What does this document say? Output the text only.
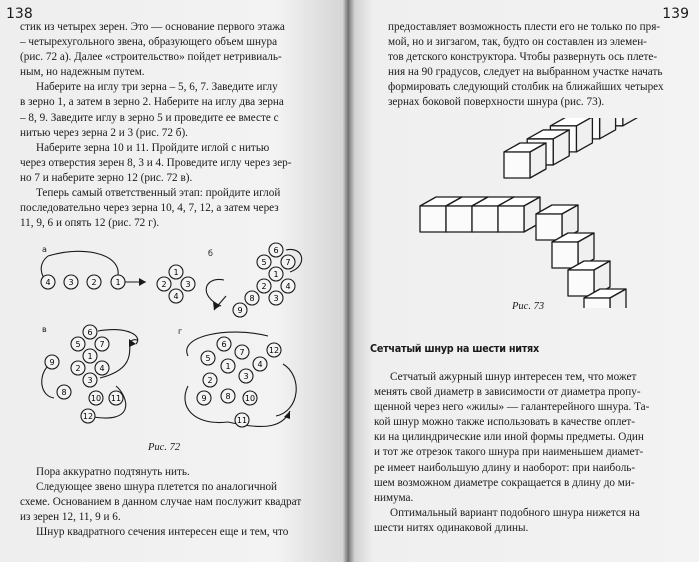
138
стик из четырех зерен. Это — основание первого этажа
– четырехугольного звена, образующего объем шнура
(рис. 72 а). Далее «строительство» пойдет нетривиаль-
ным, но надежным путем.
Наберите на иглу три зерна – 5, 6, 7. Заведите иглу
в зерно 1, а затем в зерно 2. Наберите на иглу два зерна
– 8, 9. Заведите иглу в зерно 5 и проведите ее вместе с
нитью через зерна 2 и 3 (рис. 72 б).
Наберите зерна 10 и 11. Пройдите иглой с нитью
через отверстия зерен 8, 3 и 4. Проведите иглу через зер-
но 7 и наберите зерно 12 (рис. 72 в).
Теперь самый ответственный этап: пройдите иглой
последовательно через зерна 10, 4, 7, 12, а затем через
11, 9, 6 и опять 12 (рис. 72 г).
а	б
в	г
4 3 2 1
1
2 3
4
6
5 7
1
2 4
3
8
9
6
7
5
9
1
2 4
3
8
10 11
12
6
7	12
5
1
2	3
9
4
8 10
11
Рис. 72
Пора аккуратно подтянуть нить.
Следующее звено шнура плетется по аналогичной
схеме. Основанием в данном случае нам послужит квадрат
из зерен 12, 11, 9 и 6.
Шнур квадратного сечения интересен еще и тем, что
139
предоставляет возможность плести его не только по пря-
мой, но и зигзагом, так, будто он составлен из элемен-
тов детского конструктора. Чтобы развернуть ось плете-
ния на 90 градусов, следует на выбранном участке начать
формировать следующий столбик на ближайших четырех
зернах боковой поверхности шнура (рис. 73).
Рис. 73
Сетчатый шнур на шести нитях
Сетчатый ажурный шнур интересен тем, что может
менять свой диаметр в зависимости от диаметра пропу-
щенной через него «жилы» — галантерейного шнура. Та-
кой шнур можно также использовать в качестве оплет-
ки на цилиндрические или иной формы предметы. Один
и тот же отрезок такого шнура при наименьшем диамет-
ре имеет наибольшую длину и наоборот: при наиболь-
шем возможном диаметре сокращается в длину до ми-
нимума.
Оптимальный вариант подобного шнура нижется на
шести нитях одинаковой длины.
